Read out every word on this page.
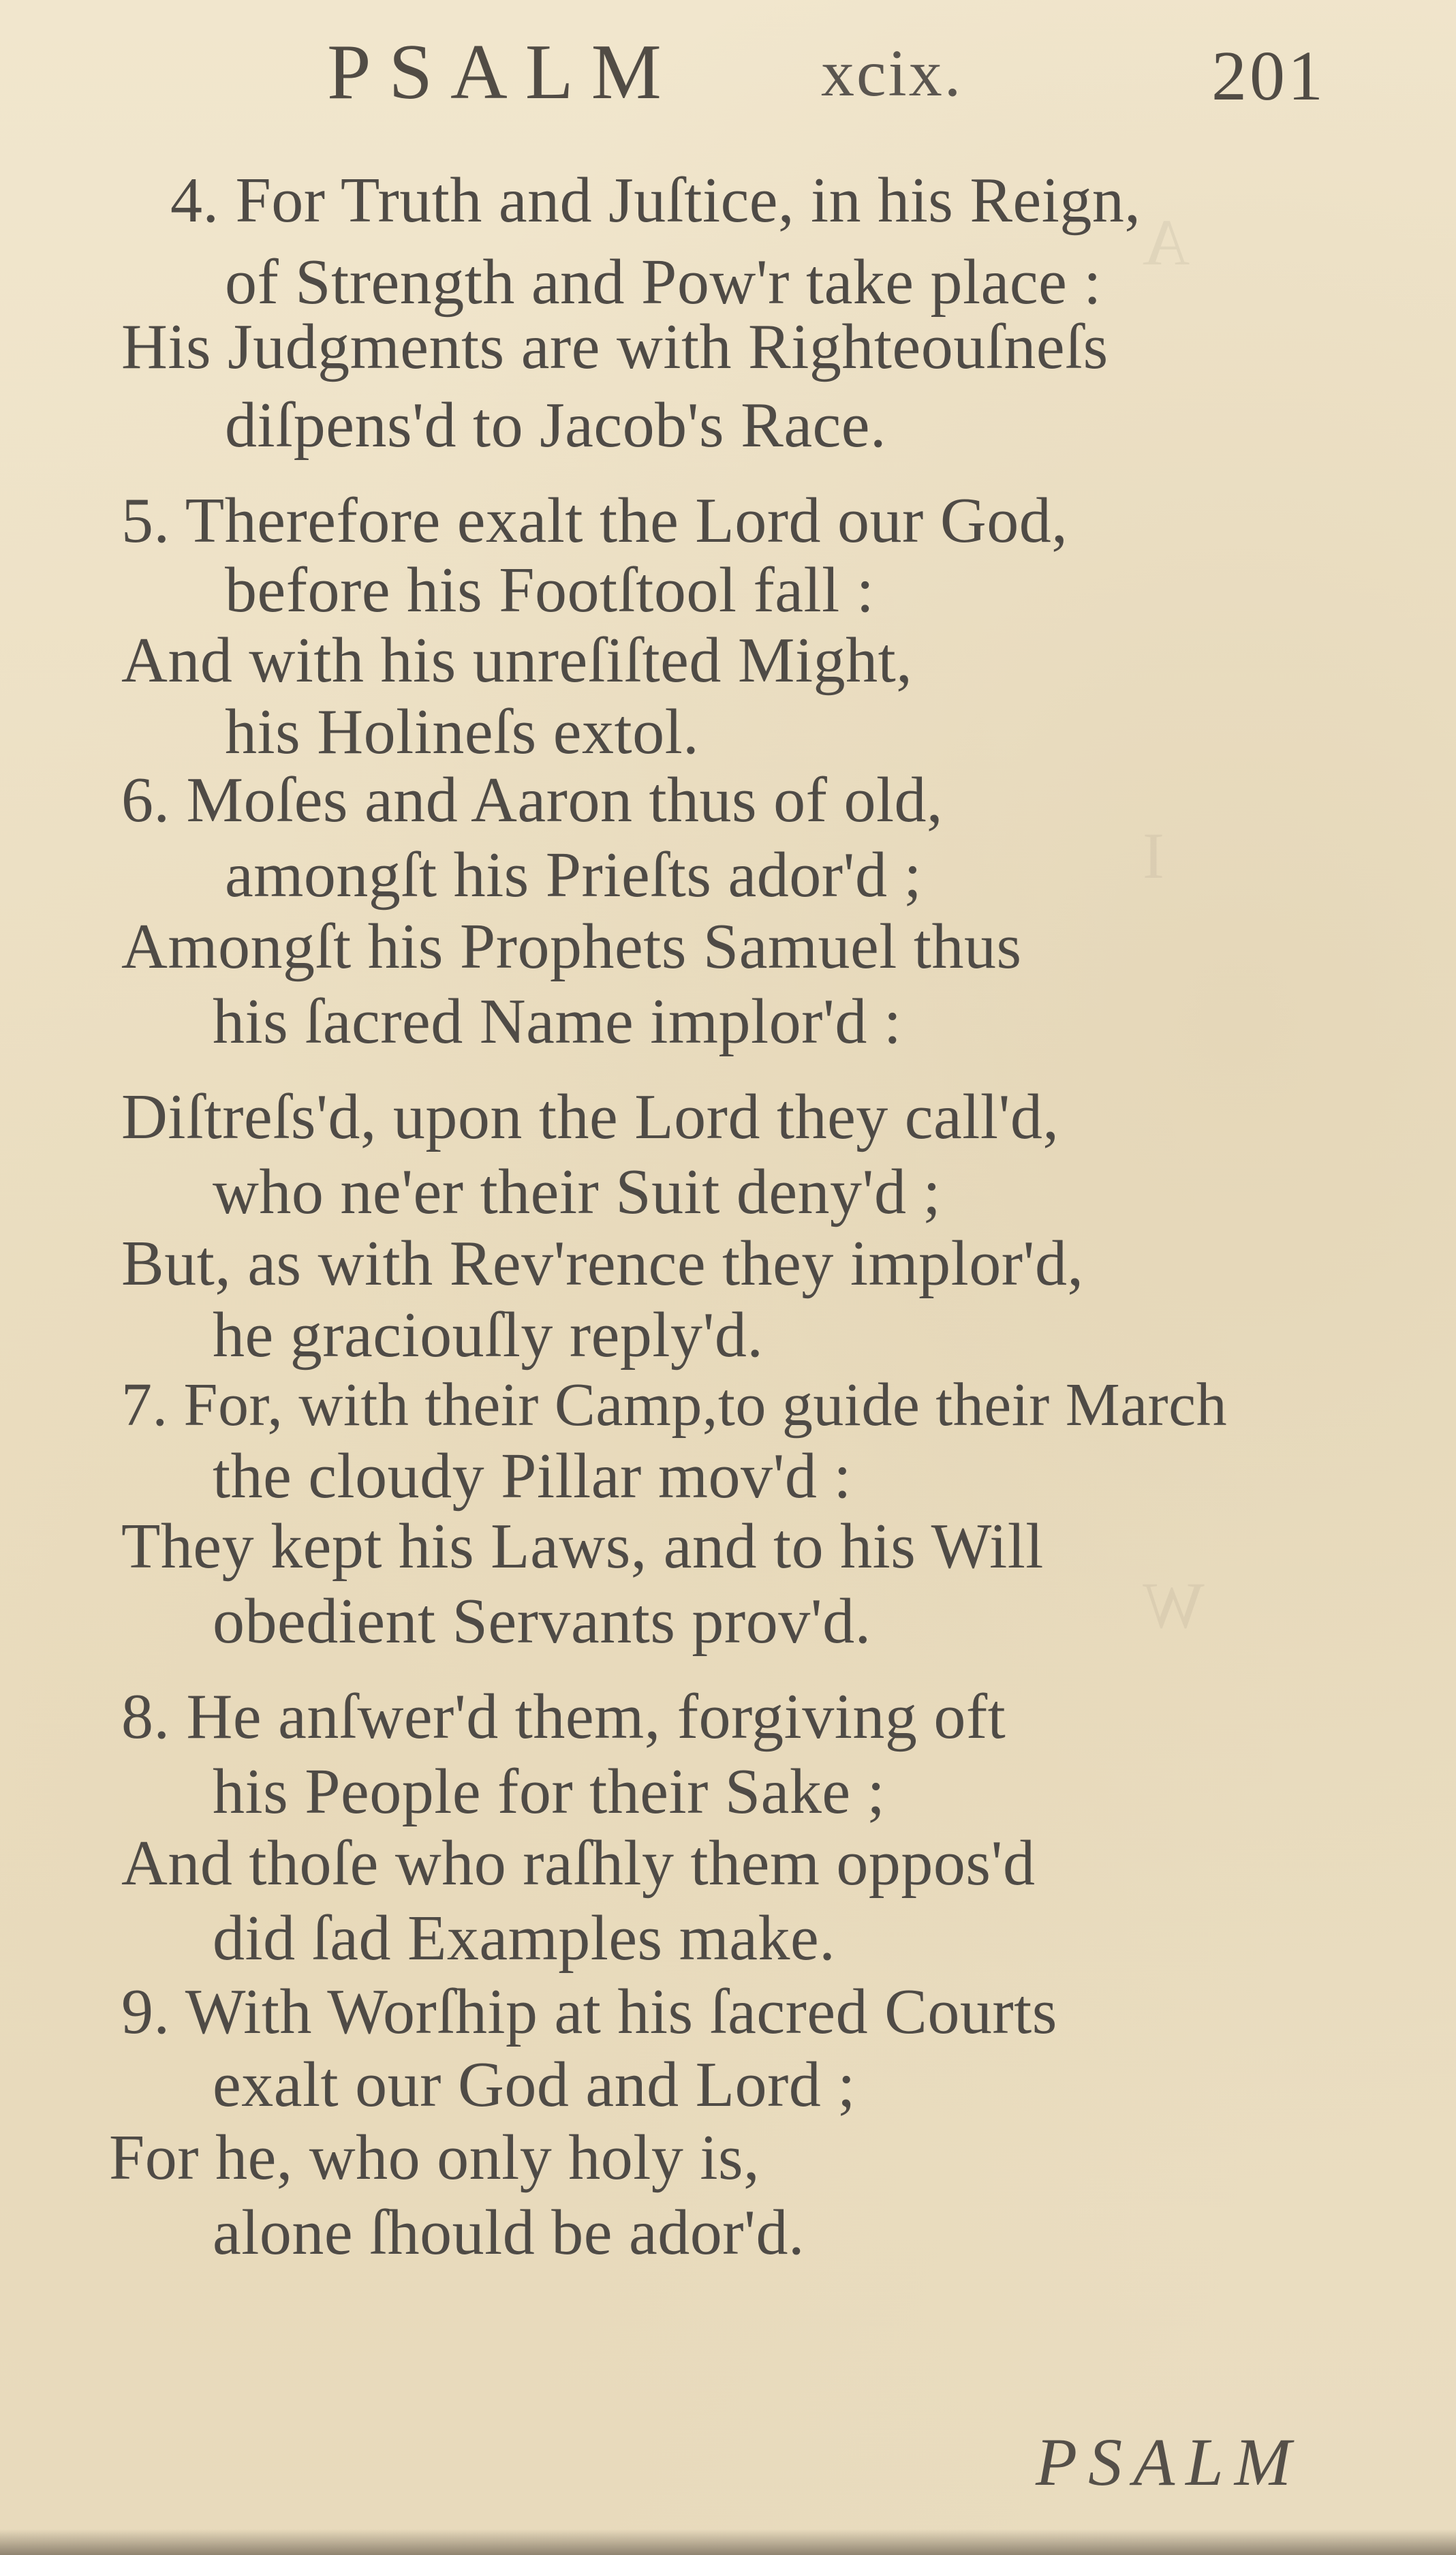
A
I
W
PSALM xcix.	201
4. For Truth and Juſtice, in his Reign,
of Strength and Pow'r take place :
His Judgments are with Righteouſneſs
diſpens'd to Jacob's Race.
5. Therefore exalt the Lord our God,
before his Footſtool fall :
And with his unreſiſted Might,
his Holineſs extol.
6. Moſes and Aaron thus of old,
amongſt his Prieſts ador'd ;
Amongſt his Prophets Samuel thus
his ſacred Name implor'd :
Diſtreſs'd, upon the Lord they call'd,
who ne'er their Suit deny'd ;
But, as with Rev'rence they implor'd,
he graciouſly reply'd.
7. For, with their Camp,to guide their March
the cloudy Pillar mov'd :
They kept his Laws, and to his Will
obedient Servants prov'd.
8. He anſwer'd them, forgiving oft
his People for their Sake ;
And thoſe who raſhly them oppos'd
did ſad Examples make.
9. With Worſhip at his ſacred Courts
exalt our God and Lord ;
For he, who only holy is,
alone ſhould be ador'd.
PSALM
